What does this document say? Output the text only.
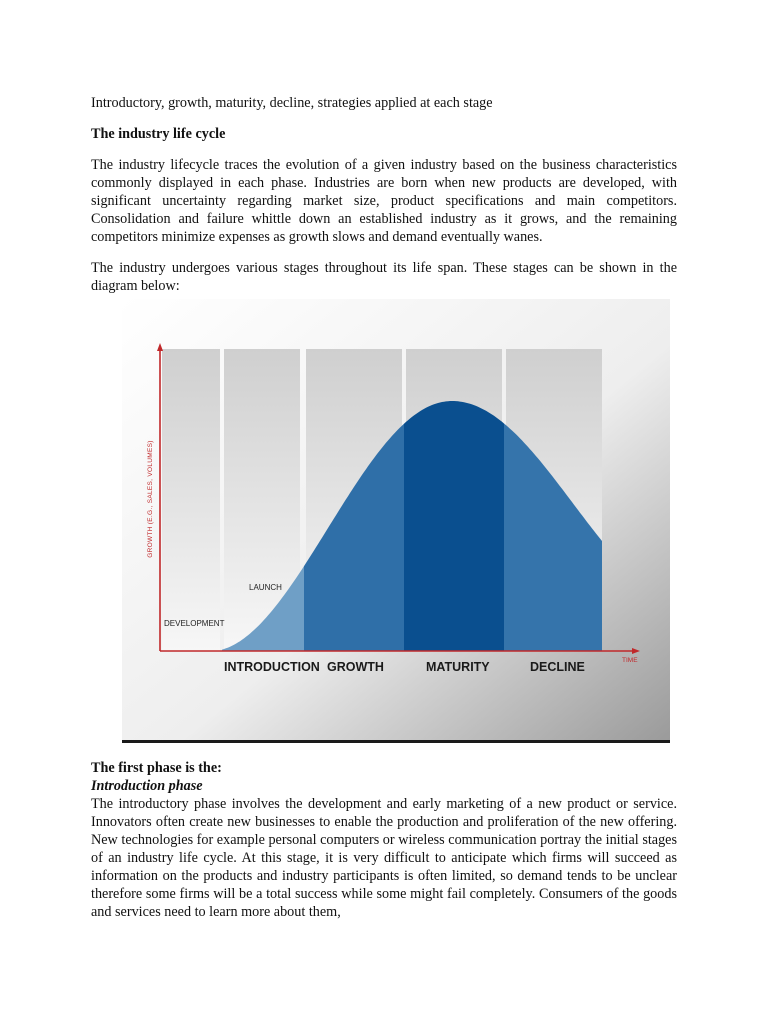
Introductory, growth, maturity, decline, strategies applied at each stage

The industry life cycle

The industry lifecycle traces the evolution of a given industry based on the business characteristics commonly displayed in each phase. Industries are born when new products are developed, with significant uncertainty regarding market size, product specifications and main competitors. Consolidation and failure whittle down an established industry as it grows, and the remaining competitors minimize expenses as growth slows and demand eventually wanes.

The industry undergoes various stages throughout its life span. These stages can be shown in the diagram below:

GROWTH (E.G., SALES, VOLUMES)
TIME
LAUNCH
DEVELOPMENT
INTRODUCTION GROWTH	MATURITY	DECLINE

The first phase is the:

Introduction phase

The introductory phase involves the development and early marketing of a new product or service. Innovators often create new businesses to enable the production and proliferation of the new offering. New technologies for example personal computers or wireless communication portray the initial stages of an industry life cycle. At this stage, it is very difficult to anticipate which firms will succeed as information on the products and industry participants is often limited, so demand tends to be unclear therefore some firms will be a total success while some might fail completely. Consumers of the goods and services need to learn more about them,
